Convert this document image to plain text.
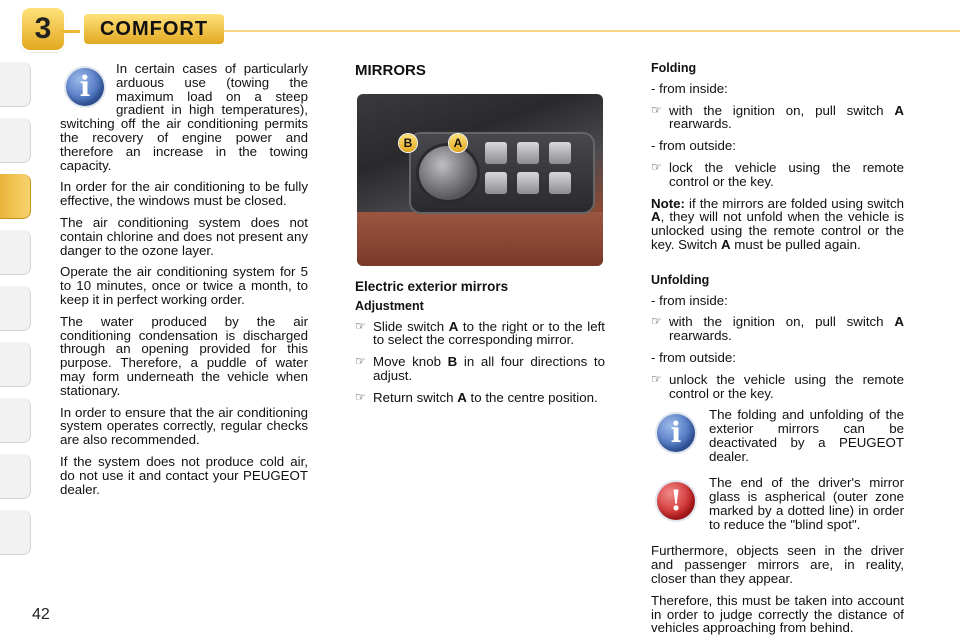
3	COMFORT

i
In certain cases of particularly arduous use (towing the maximum load on a steep gradient in high temperatures), switching off the air conditioning permits the recovery of engine power and therefore an increase in the towing capacity.

In order for the air conditioning to be fully effective, the windows must be closed.

The air conditioning system does not contain chlorine and does not present any danger to the ozone layer.

Operate the air conditioning system for 5 to 10 minutes, once or twice a month, to keep it in perfect working order.

The water produced by the air conditioning condensation is discharged through an opening provided for this purpose. Therefore, a puddle of water may form underneath the vehicle when stationary.

In order to ensure that the air conditioning system operates correctly, regular checks are also recommended.

If the system does not produce cold air, do not use it and contact your PEUGEOT dealer.

MIRRORS
B	A
Electric exterior mirrors
Adjustment

☞ Slide switch A to the right or to the left to select the corresponding mirror.

☞ Move knob B in all four directions to adjust.

☞ Return switch A to the centre position.

Folding

- from inside:

☞ with the ignition on, pull switch A rearwards.

- from outside:

☞ lock the vehicle using the remote control or the key.

Note: if the mirrors are folded using switch A, they will not unfold when the vehicle is unlocked using the remote control or the key. Switch A must be pulled again.

Unfolding

- from inside:

☞ with the ignition on, pull switch A rearwards.

- from outside:

☞ unlock the vehicle using the remote control or the key.

i
The folding and unfolding of the exterior mirrors can be deactivated by a PEUGEOT dealer.
!
The end of the driver's mirror glass is aspherical (outer zone marked by a dotted line) in order to reduce the "blind spot".

Furthermore, objects seen in the driver and passenger mirrors are, in reality, closer than they appear.

Therefore, this must be taken into account in order to judge correctly the distance of vehicles approaching from behind.

42
